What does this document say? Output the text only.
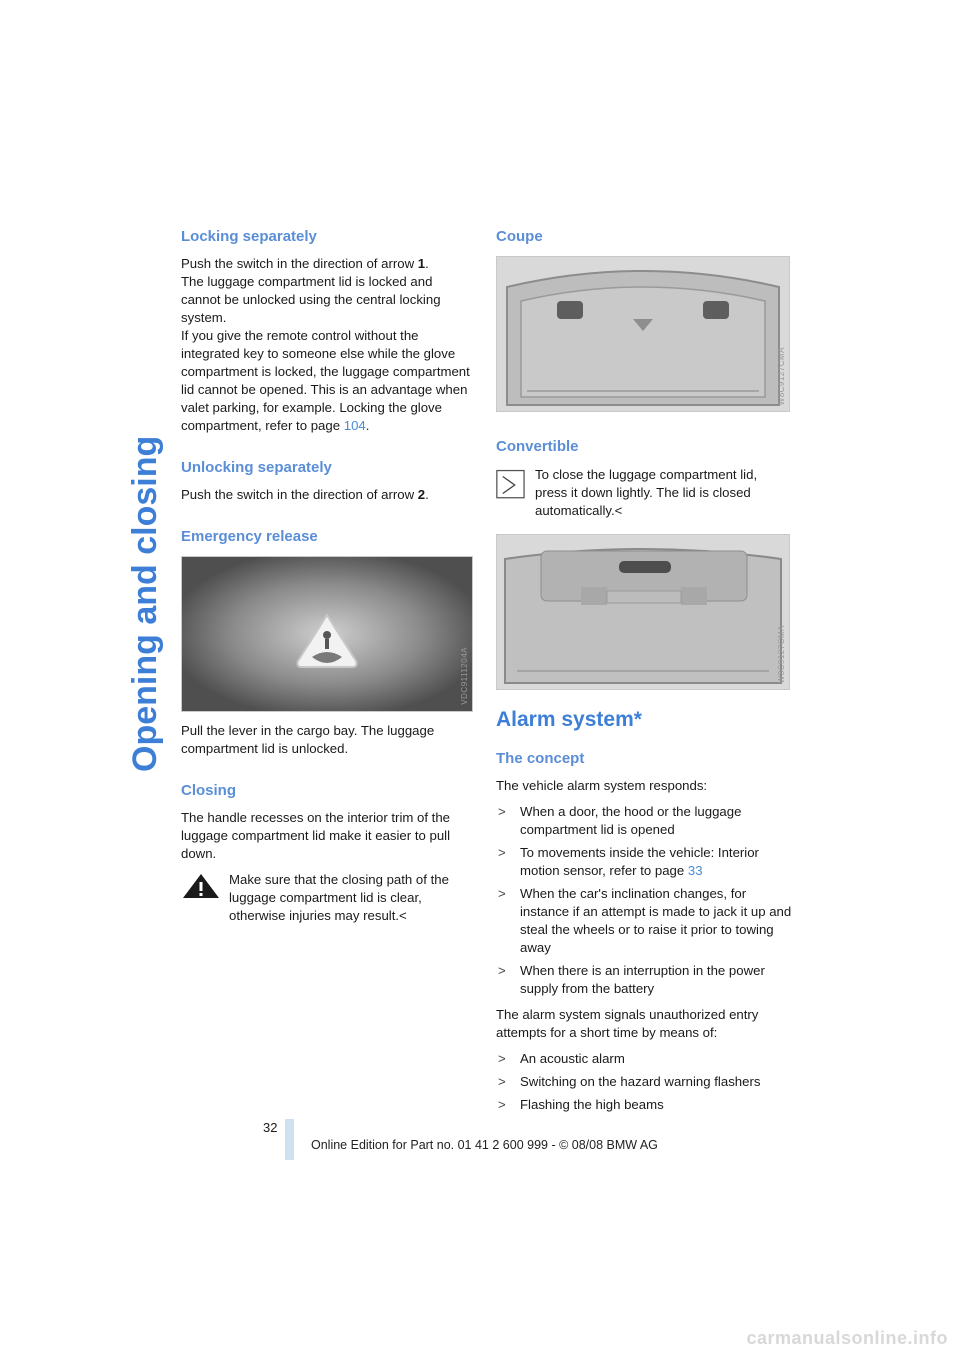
Opening and closing
Locking separately

Push the switch in the direction of arrow 1.

The luggage compartment lid is locked and cannot be unlocked using the central locking system.

If you give the remote control without the integrated key to someone else while the glove compartment is locked, the luggage compartment lid cannot be opened. This is an advantage when valet parking, for example. Locking the glove compartment, refer to page 104.

Unlocking separately

Push the switch in the direction of arrow 2.

Emergency release
VDC9111204A

Pull the lever in the cargo bay. The luggage compartment lid is unlocked.

Closing

The handle recesses on the interior trim of the luggage compartment lid make it easier to pull down.

Make sure that the closing path of the luggage compartment lid is clear, otherwise injuries may result.<

Coupe
W8C9127CMA
Convertible

To close the luggage compartment lid, press it down lightly. The lid is closed automatically.<

W8C9127CMA
Alarm system*
The concept

The vehicle alarm system responds:

> When a door, the hood or the luggage compartment lid is opened
> To movements inside the vehicle: Interior motion sensor, refer to page 33
> When the car's inclination changes, for instance if an attempt is made to jack it up and steal the wheels or to raise it prior to towing away
> When there is an interruption in the power supply from the battery

The alarm system signals unauthorized entry attempts for a short time by means of:

> An acoustic alarm
> Switching on the hazard warning flashers
> Flashing the high beams
32
Online Edition for Part no. 01 41 2 600 999 - © 08/08 BMW AG
carmanualsonline.info
